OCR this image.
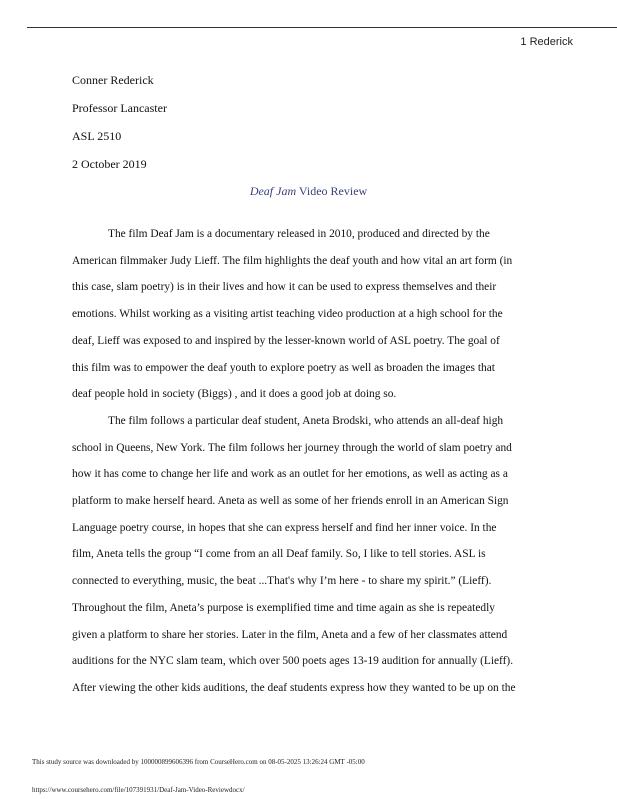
1 Rederick
Conner Rederick
Professor Lancaster
ASL 2510
2 October 2019
Deaf Jam Video Review
The film Deaf Jam is a documentary released in 2010, produced and directed by the
American filmmaker Judy Lieff. The film highlights the deaf youth and how vital an art form (in
this case, slam poetry) is in their lives and how it can be used to express themselves and their
emotions. Whilst working as a visiting artist teaching video production at a high school for the
deaf, Lieff was exposed to and inspired by the lesser-known world of ASL poetry. The goal of
this film was to empower the deaf youth to explore poetry as well as broaden the images that
deaf people hold in society (Biggs) , and it does a good job at doing so.
The film follows a particular deaf student, Aneta Brodski, who attends an all-deaf high
school in Queens, New York. The film follows her journey through the world of slam poetry and
how it has come to change her life and work as an outlet for her emotions, as well as acting as a
platform to make herself heard. Aneta as well as some of her friends enroll in an American Sign
Language poetry course, in hopes that she can express herself and find her inner voice. In the
film, Aneta tells the group “I come from an all Deaf family. So, I like to tell stories. ASL is
connected to everything, music, the beat ...That's why I’m here - to share my spirit.” (Lieff).
Throughout the film, Aneta’s purpose is exemplified time and time again as she is repeatedly
given a platform to share her stories. Later in the film, Aneta and a few of her classmates attend
auditions for the NYC slam team, which over 500 poets ages 13-19 audition for annually (Lieff).
After viewing the other kids auditions, the deaf students express how they wanted to be up on the
This study source was downloaded by 100000899606396 from CourseHero.com on 08-05-2025 13:26:24 GMT -05:00
https://www.coursehero.com/file/107391931/Deaf-Jam-Video-Reviewdocx/
